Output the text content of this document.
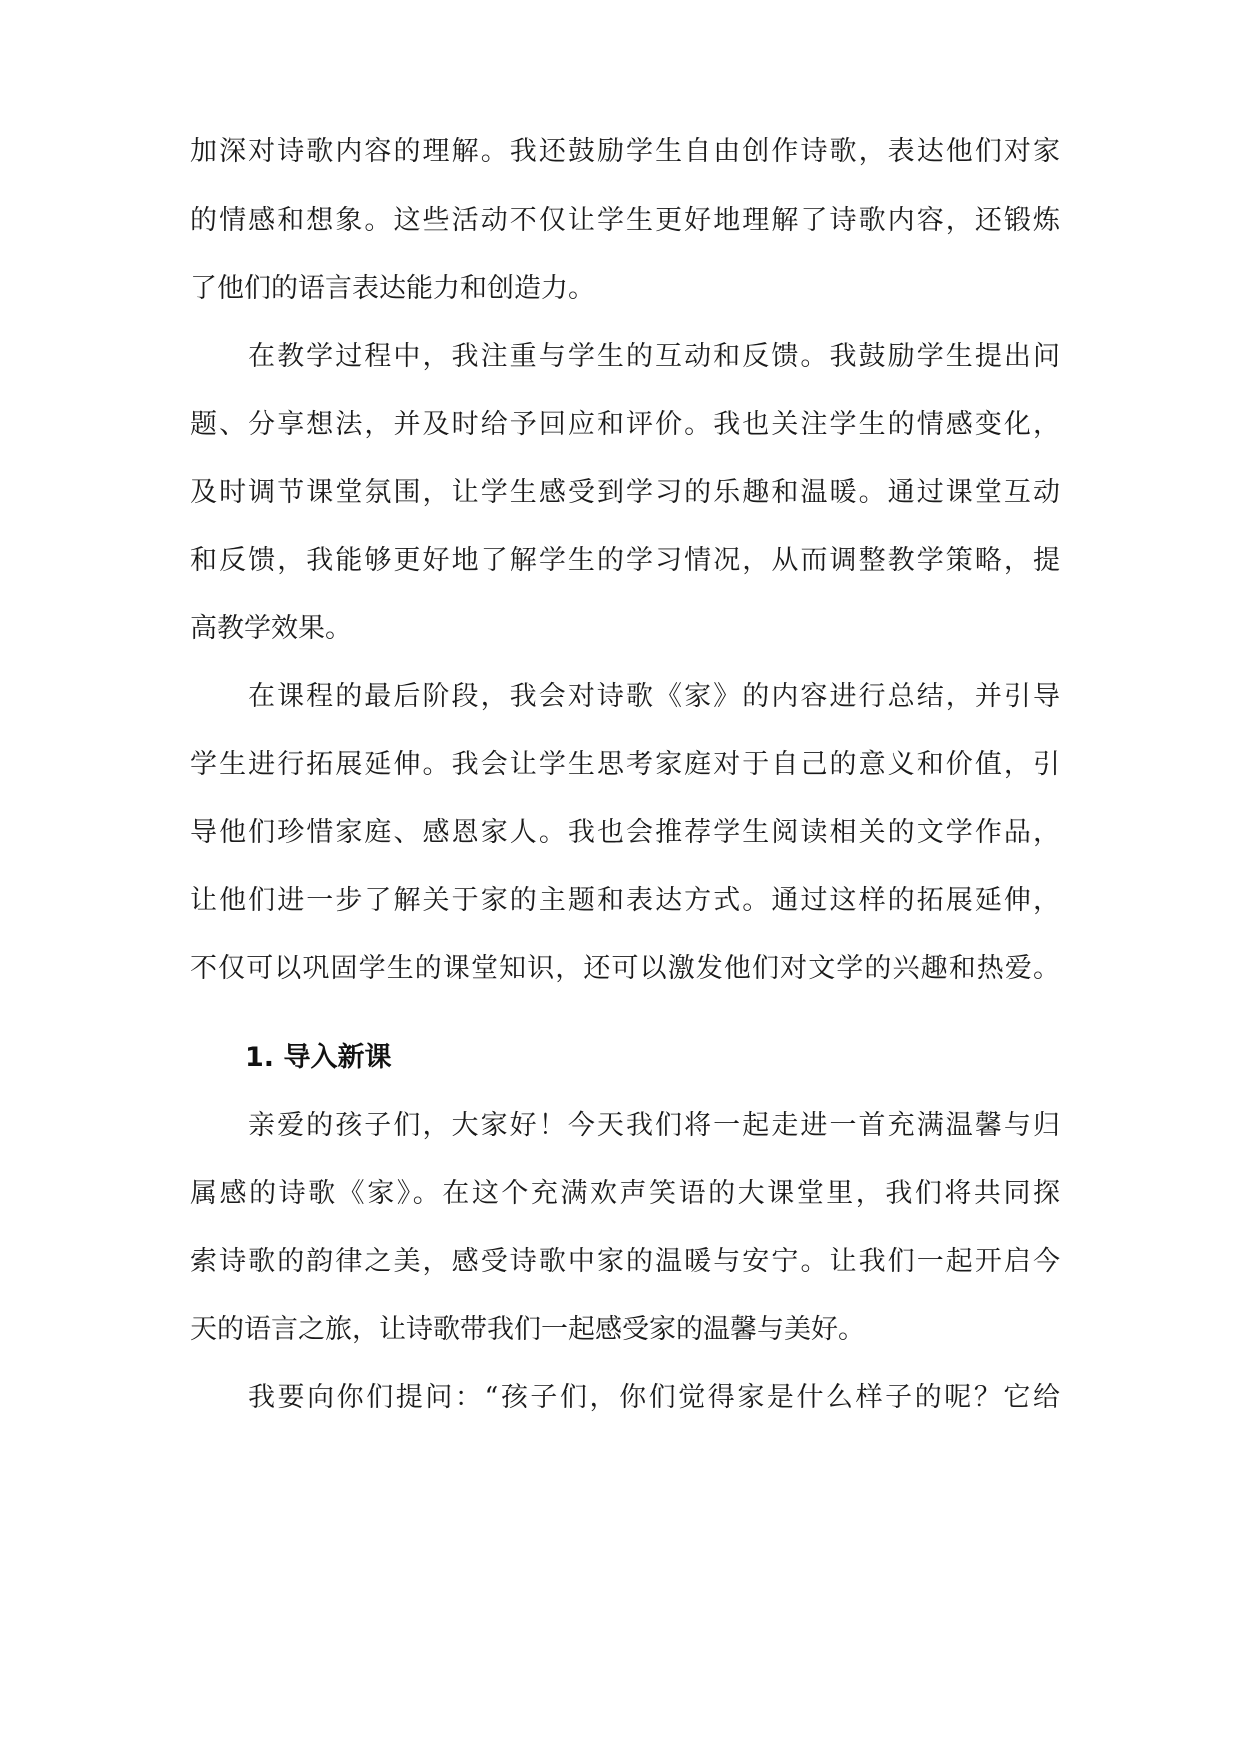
加深对诗歌内容的理解。我还鼓励学生自由创作诗歌，表达他们对家
的情感和想象。这些活动不仅让学生更好地理解了诗歌内容，还锻炼
了他们的语言表达能力和创造力。
在教学过程中，我注重与学生的互动和反馈。我鼓励学生提出问
题、分享想法，并及时给予回应和评价。我也关注学生的情感变化，
及时调节课堂氛围，让学生感受到学习的乐趣和温暖。通过课堂互动
和反馈，我能够更好地了解学生的学习情况，从而调整教学策略，提
高教学效果。
在课程的最后阶段，我会对诗歌《家》的内容进行总结，并引导
学生进行拓展延伸。我会让学生思考家庭对于自己的意义和价值，引
导他们珍惜家庭、感恩家人。我也会推荐学生阅读相关的文学作品，
让他们进一步了解关于家的主题和表达方式。通过这样的拓展延伸，
不仅可以巩固学生的课堂知识，还可以激发他们对文学的兴趣和热爱。
亲爱的孩子们，大家好！今天我们将一起走进一首充满温馨与归
属感的诗歌《家》。在这个充满欢声笑语的大课堂里，我们将共同探
索诗歌的韵律之美，感受诗歌中家的温暖与安宁。让我们一起开启今
天的语言之旅，让诗歌带我们一起感受家的温馨与美好。
我要向你们提问：“孩子们，你们觉得家是什么样子的呢？它给
1. 导入新课
